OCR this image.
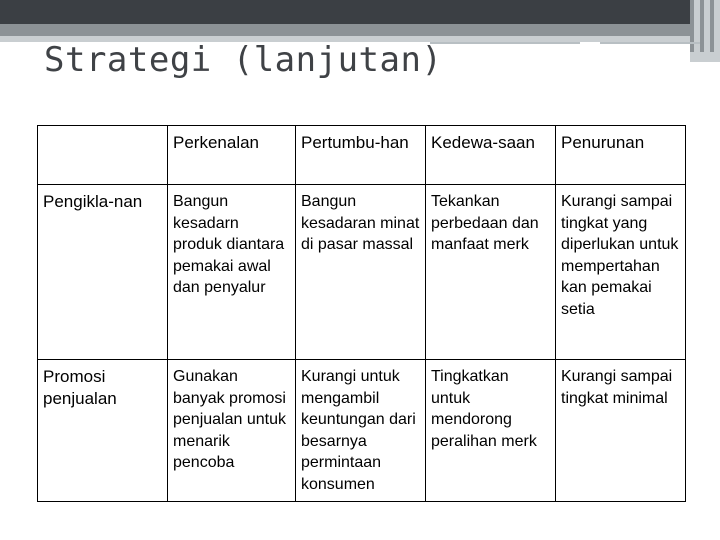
Strategi (lanjutan)
	Perkenalan	Pertumbu-han	Kedewa-saan	Penurunan
Pengikla-nan	Bangun kesadarn produk diantara pemakai awal dan penyalur	Bangun kesadaran minat di pasar massal	Tekankan perbedaan dan manfaat merk	Kurangi sampai tingkat yang diperlukan untuk mempertahan kan pemakai setia
Promosi penjualan	Gunakan banyak promosi penjualan untuk menarik pencoba	Kurangi untuk mengambil keuntungan dari besarnya permintaan konsumen	Tingkatkan untuk mendorong peralihan merk	Kurangi sampai tingkat minimal
